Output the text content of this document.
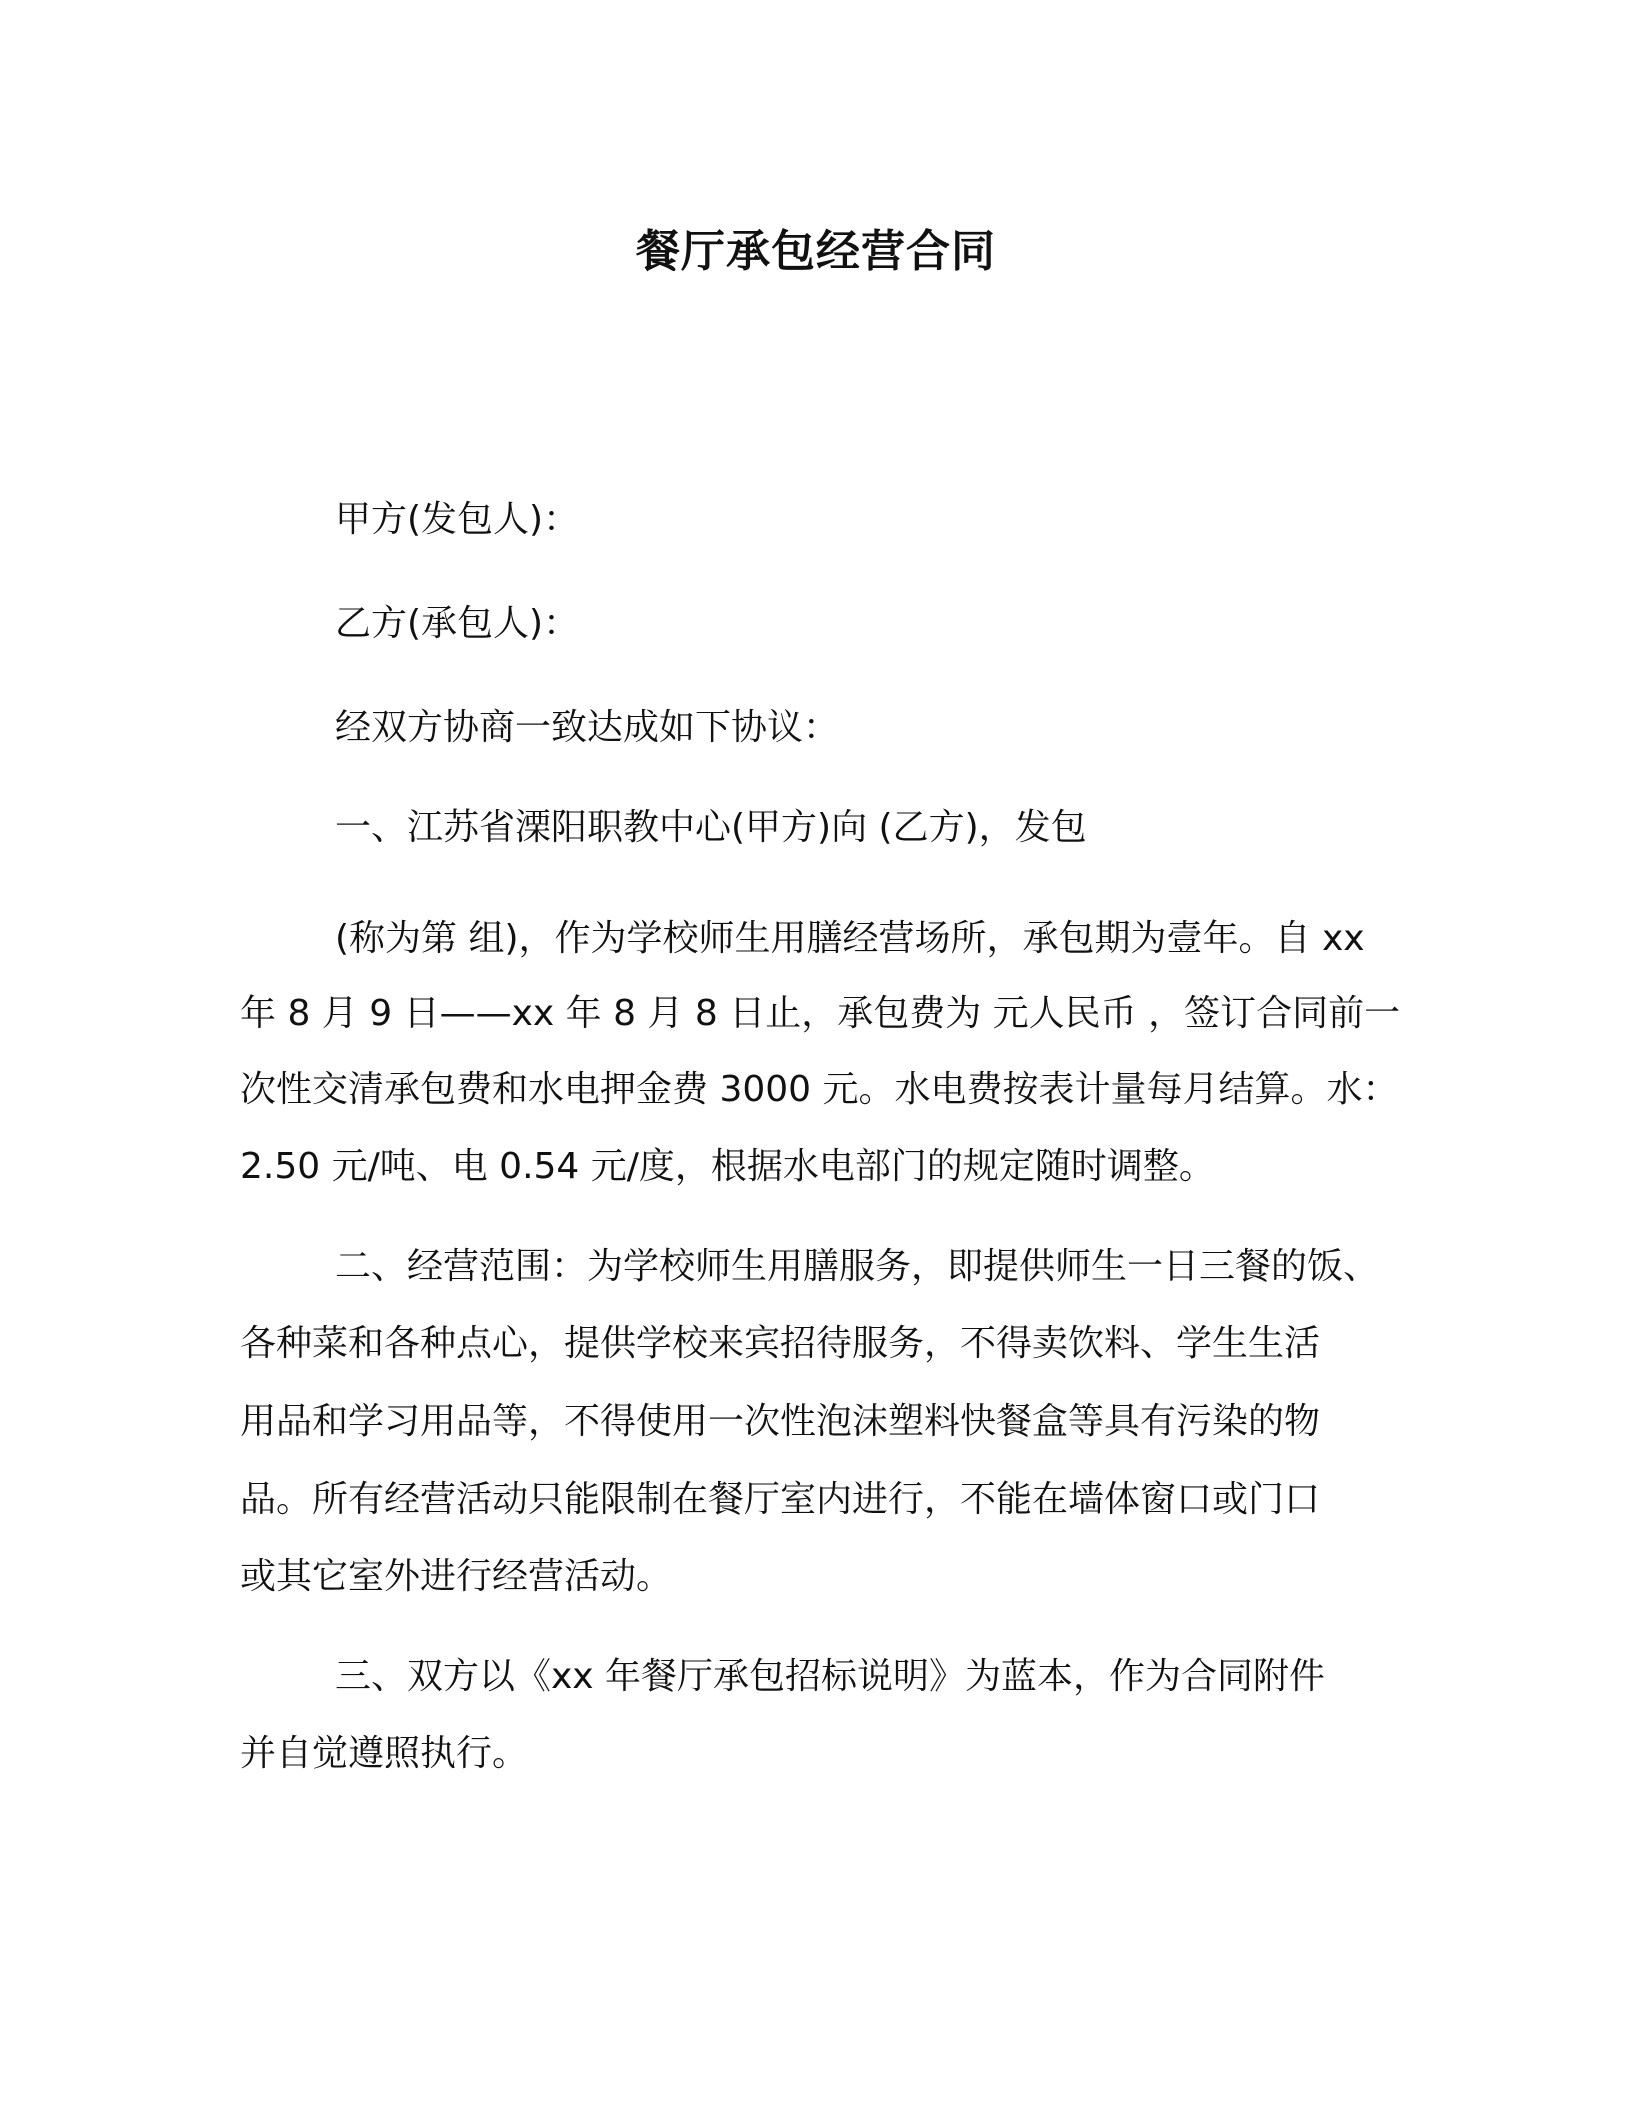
餐厅承包经营合同
甲方(发包人)：
乙方(承包人)：
经双方协商一致达成如下协议：
一、江苏省溧阳职教中心(甲方)向 (乙方)，发包
(称为第 组)，作为学校师生用膳经营场所，承包期为壹年。自 xx
年 8 月 9 日——xx 年 8 月 8 日止，承包费为 元人民币 ，签订合同前一
次性交清承包费和水电押金费 3000 元。水电费按表计量每月结算。水：
2.50 元/吨、电 0.54 元/度，根据水电部门的规定随时调整。
二、经营范围：为学校师生用膳服务，即提供师生一日三餐的饭、
各种菜和各种点心，提供学校来宾招待服务，不得卖饮料、学生生活
用品和学习用品等，不得使用一次性泡沫塑料快餐盒等具有污染的物
品。所有经营活动只能限制在餐厅室内进行，不能在墙体窗口或门口
或其它室外进行经营活动。
三、双方以《xx 年餐厅承包招标说明》为蓝本，作为合同附件
并自觉遵照执行。
